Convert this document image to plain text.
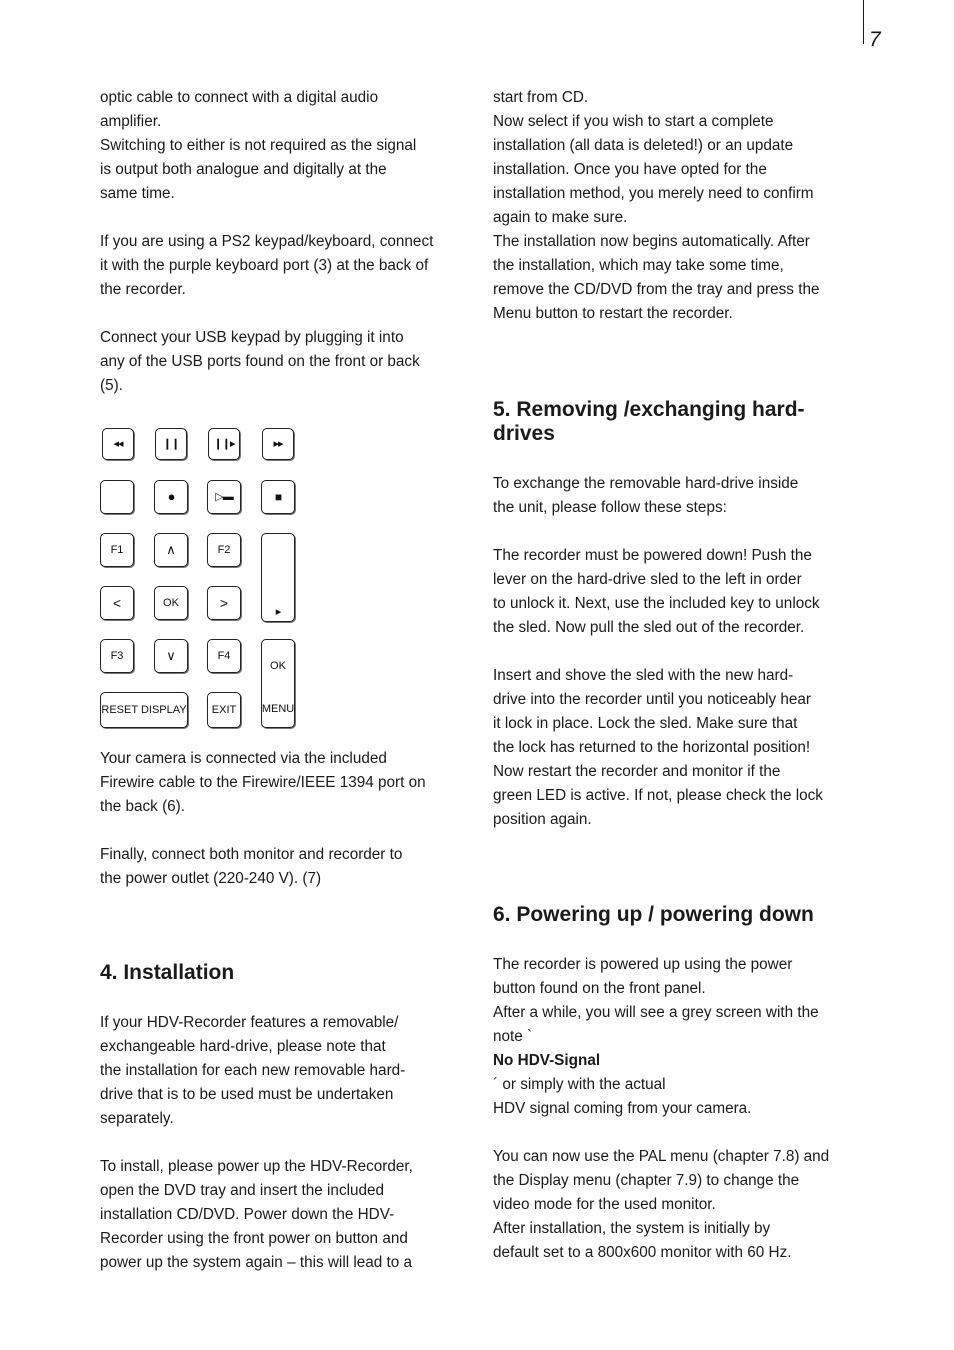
7

optic cable to connect with a digital audio
amplifier.
Switching to either is not required as the signal
is output both analogue and digitally at the
same time.

If you are using a PS2 keypad/keyboard, connect
it with the purple keyboard port (3) at the back of
the recorder.

Connect your USB keypad by plugging it into
any of the USB ports found on the front or back
(5).

◂◂	❙❙	❙❙▸	▸▸
●	▷▬	■
F1	∧	F2
▸
<	OK	>
F3	∨	F4
OK
MENU
RESET DISPLAY EXIT

Your camera is connected via the included
Firewire cable to the Firewire/IEEE 1394 port on
the back (6).

Finally, connect both monitor and recorder to
the power outlet (220-240 V). (7)

4. Installation

If your HDV-Recorder features a removable/
exchangeable hard-drive, please note that
the installation for each new removable hard-
drive that is to be used must be undertaken
separately.

To install, please power up the HDV-Recorder,
open the DVD tray and insert the included
installation CD/DVD. Power down the HDV-
Recorder using the front power on button and
power up the system again – this will lead to a

start from CD.
Now select if you wish to start a complete
installation (all data is deleted!) or an update
installation. Once you have opted for the
installation method, you merely need to confirm
again to make sure.
The installation now begins automatically. After
the installation, which may take some time,
remove the CD/DVD from the tray and press the
Menu button to restart the recorder.

5. Removing /exchanging hard-
drives

To exchange the removable hard-drive inside
the unit, please follow these steps:

The recorder must be powered down! Push the
lever on the hard-drive sled to the left in order
to unlock it. Next, use the included key to unlock
the sled. Now pull the sled out of the recorder.

Insert and shove the sled with the new hard-
drive into the recorder until you noticeably hear
it lock in place. Lock the sled. Make sure that
the lock has returned to the horizontal position!
Now restart the recorder and monitor if the
green LED is active. If not, please check the lock
position again.

6. Powering up / powering down

The recorder is powered up using the power
button found on the front panel.
After a while, you will see a grey screen with the
note `
No HDV-Signal
´ or simply with the actual
HDV signal coming from your camera.

You can now use the PAL menu (chapter 7.8) and
the Display menu (chapter 7.9) to change the
video mode for the used monitor.
After installation, the system is initially by
default set to a 800x600 monitor with 60 Hz.
